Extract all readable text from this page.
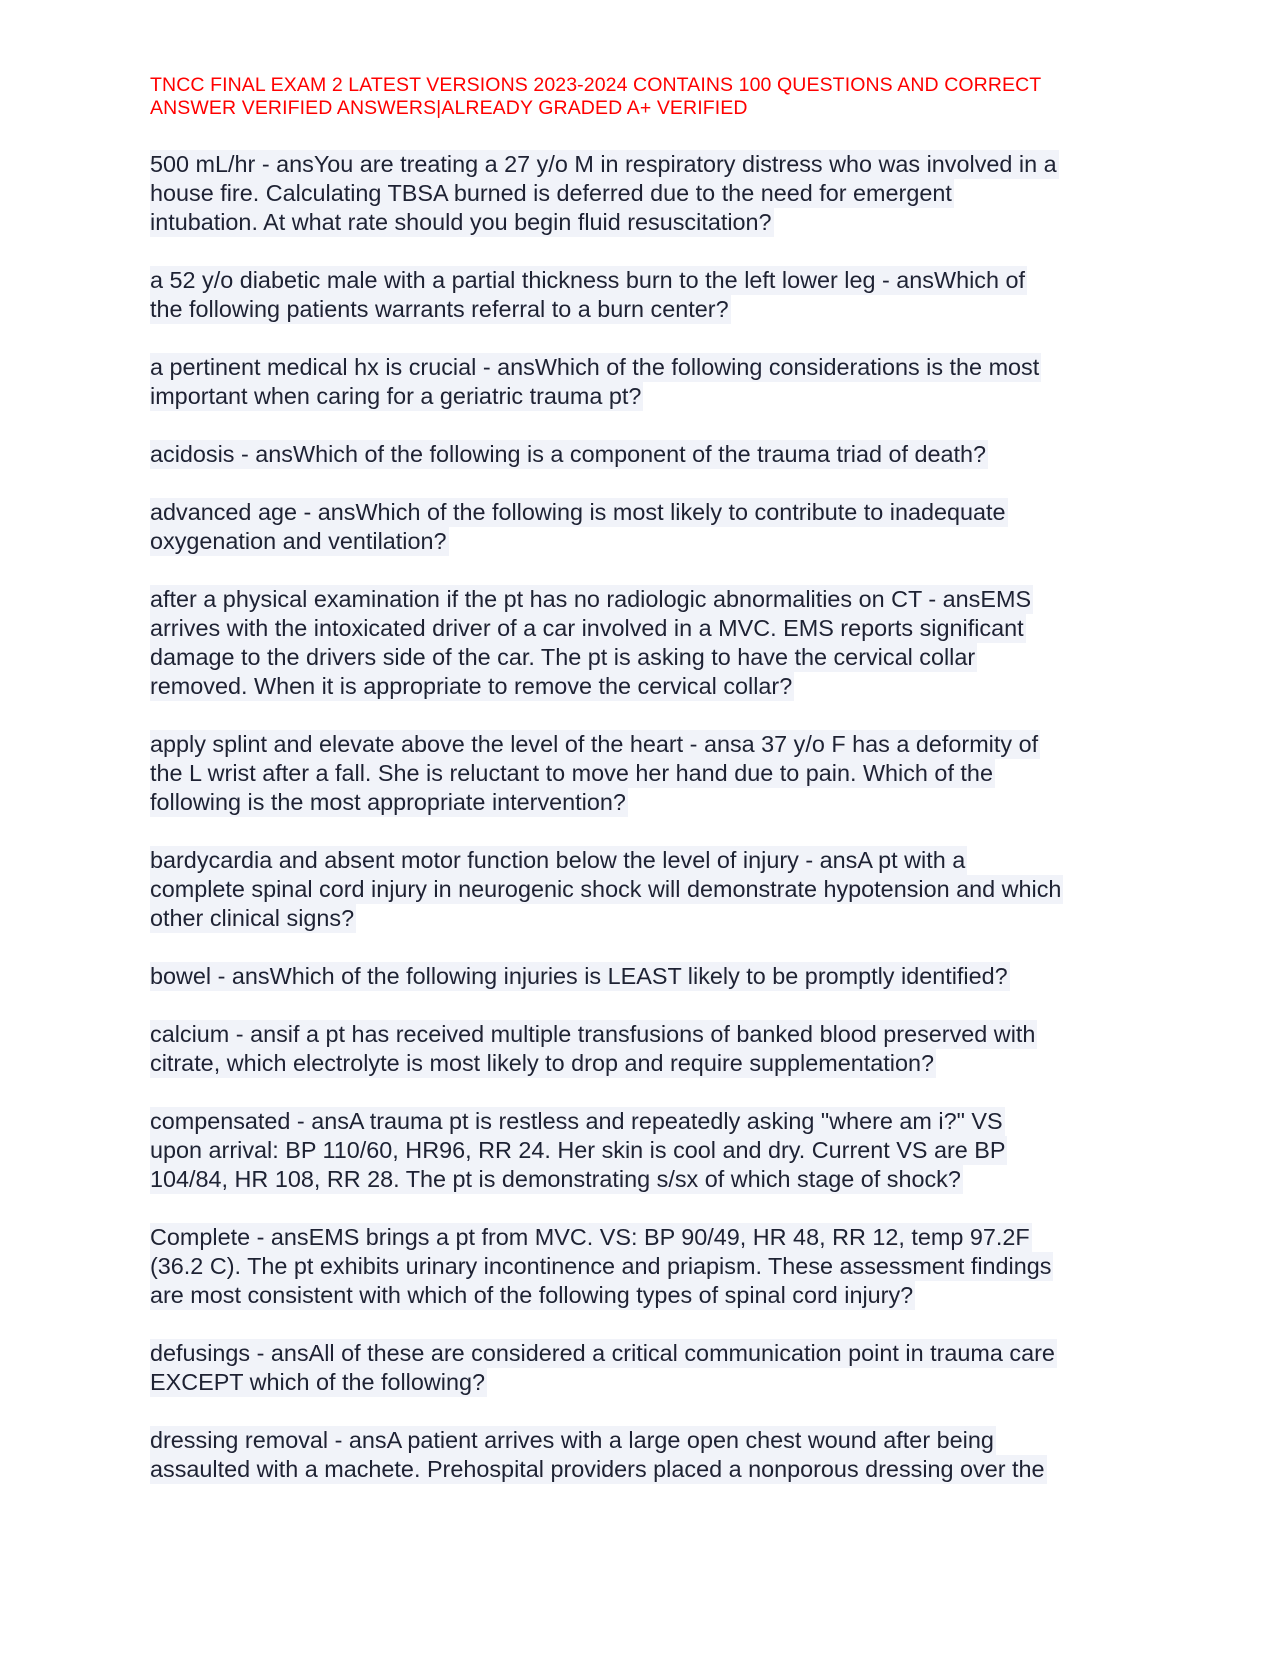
TNCC FINAL EXAM 2 LATEST VERSIONS 2023-2024 CONTAINS 100 QUESTIONS AND CORRECT
ANSWER VERIFIED ANSWERS|ALREADY GRADED A+ VERIFIED
500 mL/hr - ansYou are treating a 27 y/o M in respiratory distress who was involved in a
house fire. Calculating TBSA burned is deferred due to the need for emergent
intubation. At what rate should you begin fluid resuscitation?
a 52 y/o diabetic male with a partial thickness burn to the left lower leg - ansWhich of
the following patients warrants referral to a burn center?
a pertinent medical hx is crucial - ansWhich of the following considerations is the most
important when caring for a geriatric trauma pt?
acidosis - ansWhich of the following is a component of the trauma triad of death?
advanced age - ansWhich of the following is most likely to contribute to inadequate
oxygenation and ventilation?
after a physical examination if the pt has no radiologic abnormalities on CT - ansEMS
arrives with the intoxicated driver of a car involved in a MVC. EMS reports significant
damage to the drivers side of the car. The pt is asking to have the cervical collar
removed. When it is appropriate to remove the cervical collar?
apply splint and elevate above the level of the heart - ansa 37 y/o F has a deformity of
the L wrist after a fall. She is reluctant to move her hand due to pain. Which of the
following is the most appropriate intervention?
bardycardia and absent motor function below the level of injury - ansA pt with a
complete spinal cord injury in neurogenic shock will demonstrate hypotension and which
other clinical signs?
bowel - ansWhich of the following injuries is LEAST likely to be promptly identified?
calcium - ansif a pt has received multiple transfusions of banked blood preserved with
citrate, which electrolyte is most likely to drop and require supplementation?
compensated - ansA trauma pt is restless and repeatedly asking "where am i?" VS
upon arrival: BP 110/60, HR96, RR 24. Her skin is cool and dry. Current VS are BP
104/84, HR 108, RR 28. The pt is demonstrating s/sx of which stage of shock?
Complete - ansEMS brings a pt from MVC. VS: BP 90/49, HR 48, RR 12, temp 97.2F
(36.2 C). The pt exhibits urinary incontinence and priapism. These assessment findings
are most consistent with which of the following types of spinal cord injury?
defusings - ansAll of these are considered a critical communication point in trauma care
EXCEPT which of the following?
dressing removal - ansA patient arrives with a large open chest wound after being
assaulted with a machete. Prehospital providers placed a nonporous dressing over the
